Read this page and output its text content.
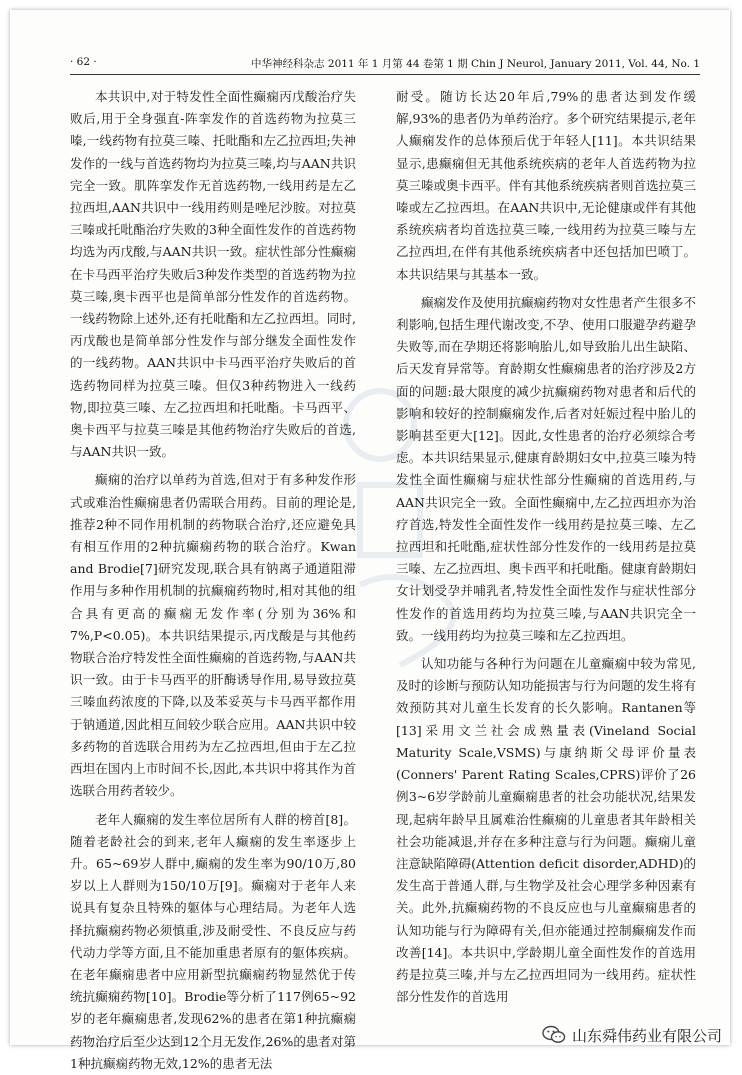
· 62 ·	中华神经科杂志 2011 年 1 月第 44 卷第 1 期 Chin J Neurol, January 2011, Vol. 44, No. 1

本共识中,对于特发性全面性癫痫丙戊酸治疗失败后,用于全身强直-阵挛发作的首选药物为拉莫三嗪,一线药物有拉莫三嗪、托吡酯和左乙拉西坦;失神发作的一线与首选药物均为拉莫三嗪,均与AAN共识完全一致。肌阵挛发作无首选药物,一线用药是左乙拉西坦,AAN共识中一线用药则是唑尼沙胺。对拉莫三嗪或托吡酯治疗失败的3种全面性发作的首选药物均选为丙戊酸,与AAN共识一致。症状性部分性癫痫在卡马西平治疗失败后3种发作类型的首选药物为拉莫三嗪,奥卡西平也是简单部分性发作的首选药物。一线药物除上述外,还有托吡酯和左乙拉西坦。同时,丙戊酸也是简单部分性发作与部分继发全面性发作的一线药物。AAN共识中卡马西平治疗失败后的首选药物同样为拉莫三嗪。但仅3种药物进入一线药物,即拉莫三嗪、左乙拉西坦和托吡酯。卡马西平、奥卡西平与拉莫三嗪是其他药物治疗失败后的首选,与AAN共识一致。

癫痫的治疗以单药为首选,但对于有多种发作形式或难治性癫痫患者仍需联合用药。目前的理论是,推荐2种不同作用机制的药物联合治疗,还应避免具有相互作用的2种抗癫痫药物的联合治疗。Kwan and Brodie[7]研究发现,联合具有钠离子通道阻滞作用与多种作用机制的抗癫痫药物时,相对其他的组合具有更高的癫痫无发作率(分别为36%和7%,P<0.05)。本共识结果提示,丙戊酸是与其他药物联合治疗特发性全面性癫痫的首选药物,与AAN共识一致。由于卡马西平的肝酶诱导作用,易导致拉莫三嗪血药浓度的下降,以及苯妥英与卡马西平都作用于钠通道,因此相互间较少联合应用。AAN共识中较多药物的首选联合用药为左乙拉西坦,但由于左乙拉西坦在国内上市时间不长,因此,本共识中将其作为首选联合用药者较少。

老年人癫痫的发生率位居所有人群的榜首[8]。随着老龄社会的到来,老年人癫痫的发生率逐步上升。65~69岁人群中,癫痫的发生率为90/10万,80岁以上人群则为150/10万[9]。癫痫对于老年人来说具有复杂且特殊的躯体与心理结局。为老年人选择抗癫痫药物必须慎重,涉及耐受性、不良反应与药代动力学等方面,且不能加重患者原有的躯体疾病。在老年癫痫患者中应用新型抗癫痫药物显然优于传统抗癫痫药物[10]。Brodie等分析了117例65~92岁的老年癫痫患者,发现62%的患者在第1种抗癫痫药物治疗后至少达到12个月无发作,26%的患者对第1种抗癫痫药物无效,12%的患者无法

耐受。随访长达20年后,79%的患者达到发作缓解,93%的患者仍为单药治疗。多个研究结果提示,老年人癫痫发作的总体预后优于年轻人[11]。本共识结果显示,患癫痫但无其他系统疾病的老年人首选药物为拉莫三嗪或奥卡西平。伴有其他系统疾病者则首选拉莫三嗪或左乙拉西坦。在AAN共识中,无论健康或伴有其他系统疾病者均首选拉莫三嗪,一线用药为拉莫三嗪与左乙拉西坦,在伴有其他系统疾病者中还包括加巴喷丁。本共识结果与其基本一致。

癫痫发作及使用抗癫痫药物对女性患者产生很多不利影响,包括生理代谢改变,不孕、使用口服避孕药避孕失败等,而在孕期还将影响胎儿,如导致胎儿出生缺陷、后天发育异常等。育龄期女性癫痫患者的治疗涉及2方面的问题:最大限度的减少抗癫痫药物对患者和后代的影响和较好的控制癫痫发作,后者对妊娠过程中胎儿的影响甚至更大[12]。因此,女性患者的治疗必须综合考虑。本共识结果显示,健康育龄期妇女中,拉莫三嗪为特发性全面性癫痫与症状性部分性癫痫的首选用药,与AAN共识完全一致。全面性癫痫中,左乙拉西坦亦为治疗首选,特发性全面性发作一线用药是拉莫三嗪、左乙拉西坦和托吡酯,症状性部分性发作的一线用药是拉莫三嗪、左乙拉西坦、奥卡西平和托吡酯。健康育龄期妇女计划受孕并哺乳者,特发性全面性发作与症状性部分性发作的首选用药均为拉莫三嗪,与AAN共识完全一致。一线用药均为拉莫三嗪和左乙拉西坦。

认知功能与各种行为问题在儿童癫痫中较为常见,及时的诊断与预防认知功能损害与行为问题的发生将有效预防其对儿童生长发育的长久影响。Rantanen等[13]采用文兰社会成熟量表(Vineland Social Maturity Scale,VSMS)与康纳斯父母评价量表(Conners' Parent Rating Scales,CPRS)评价了26例3~6岁学龄前儿童癫痫患者的社会功能状况,结果发现,起病年龄早且属难治性癫痫的儿童患者其年龄相关社会功能减退,并存在多种注意与行为问题。癫痫儿童注意缺陷障碍(Attention deficit disorder,ADHD)的发生高于普通人群,与生物学及社会心理学多种因素有关。此外,抗癫痫药物的不良反应也与儿童癫痫患者的认知功能与行为障碍有关,但亦能通过控制癫痫发作而改善[14]。本共识中,学龄期儿童全面性发作的首选用药是拉莫三嗪,并与左乙拉西坦同为一线用药。症状性部分性发作的首选用

山东舜伟药业有限公司
